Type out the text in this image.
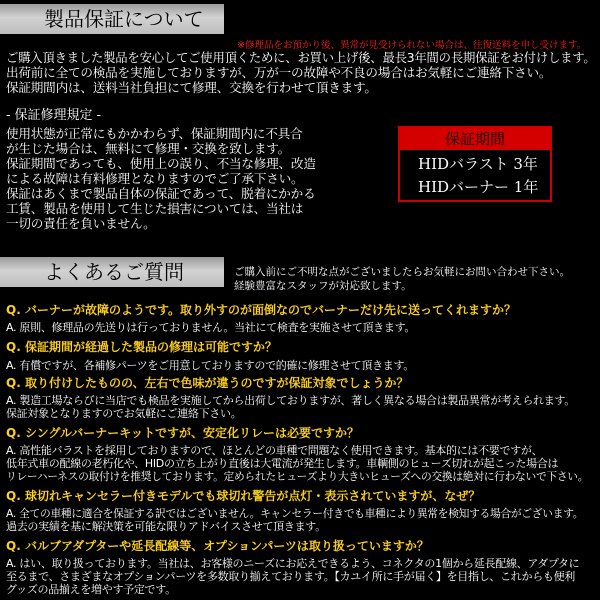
製品保証について
※修理品をお預かり後、異常が見受けられない場合は、往復送料を申し受けます。
ご購入頂きました製品を安心してご使用頂くために、お買い上げ後、最長3年間の長期保証をお付けします。
出荷前に全ての検品を実施しておりますが、万が一の故障や不良の場合はお気軽にご連絡下さい。
保証期間内は、送料当社負担にて修理、交換を行わせて頂きます。
- 保証修理規定 -
使用状態が正常にもかかわらず、保証期間内に不具合
が生じた場合は、無料にて修理・交換を致します。
保証期間であっても、使用上の誤り、不当な修理、改造
による故障は有料修理となりますのでご了承下さい。
保証はあくまで製品自体の保証であって、脱着にかかる
工賃、製品を使用して生じた損害については、当社は
一切の責任を負いません。
保証期間
HIDバラスト 3年
HIDバーナー 1年
よくあるご質問	ご購入前にご不明な点がございましたらお気軽にお問い合わせ下さい。
経験豊富なスタッフが対応致します。
Q. バーナーが故障のようです。取り外すのが面倒なのでバーナーだけ先に送ってくれますか？
A. 原則、修理品の先送りは行っておりません。当社にて検査を実施させて頂きます。
Q. 保証期間が経過した製品の修理は可能ですか？
A. 有償ですが、各補修パーツをご用意しておりますので的確に修理させて頂きます。
Q. 取り付けしたものの、左右で色味が違うのですが保証対象でしょうか？
A. 製造工場ならびに当店でも検品を実施してから出荷しておりますが、著しく異なる場合は製品異常が考えられます。
保証対象となりますのでお気軽にご連絡下さい。
Q. シングルバーナーキットですが、安定化リレーは必要ですか？
A. 高性能バラストを採用しておりますので、ほとんどの車種で問題なく使用できます。基本的には不要ですが、
低年式車の配線の老朽化や、HIDの立ち上がり直後は大電流が発生します。車輌側のヒューズ切れが起こった場合は
リレーハーネスの取付けを推奨しております。定められたヒューズより大きいヒューズへの交換は絶対に行わないで下さい。
Q. 球切れキャンセラー付きモデルでも球切れ警告が点灯・表示されていますが、なぜ？
A. 全ての車種に適合を保証する訳ではございません。キャンセラー付きでも車種により異常を検知する場合がございます。
過去の実績を基に解決策を可能な限りアドバイスさせて頂きます。
Q. バルブアダプターや延長配線等、オプションパーツは取り扱っていますか？
A. はい、取り扱っております。当社は、お客様のニーズにお応えできるよう、コネクタの1個から延長配線、アダプタに
至るまで、さまざまなオプションパーツを多数取り揃えております。【カユイ所に手が届く】を目指し、これからも便利
グッズの品揃えを増やす予定です。
